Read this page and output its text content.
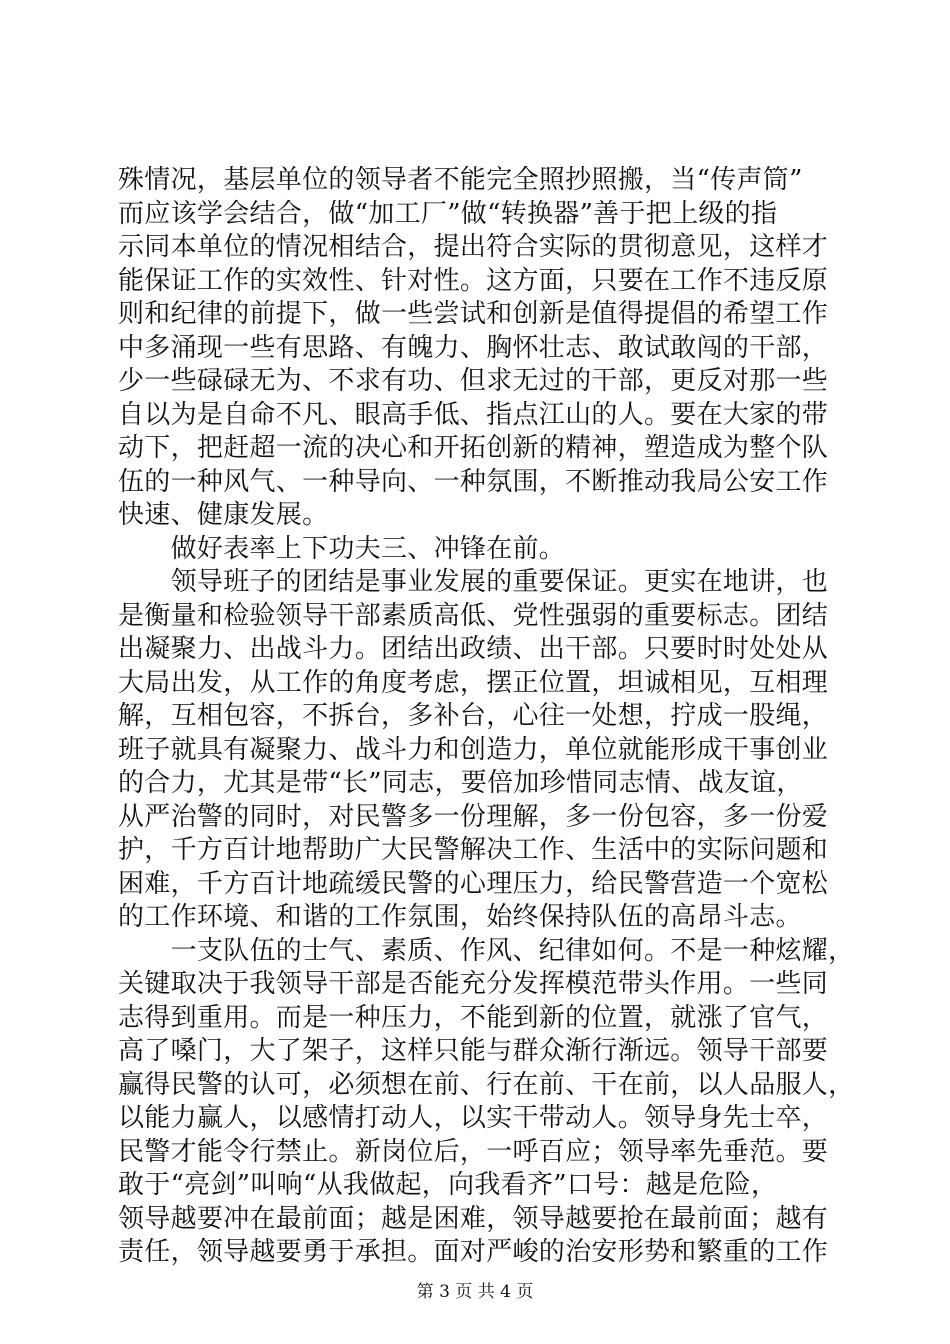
殊情况，基层单位的领导者不能完全照抄照搬，当“传声筒”
而应该学会结合，做“加工厂”做“转换器”善于把上级的指
示同本单位的情况相结合，提出符合实际的贯彻意见，这样才
能保证工作的实效性、针对性。这方面，只要在工作不违反原
则和纪律的前提下，做一些尝试和创新是值得提倡的希望工作
中多涌现一些有思路、有魄力、胸怀壮志、敢试敢闯的干部，
少一些碌碌无为、不求有功、但求无过的干部，更反对那一些
自以为是自命不凡、眼高手低、指点江山的人。要在大家的带
动下，把赶超一流的决心和开拓创新的精神，塑造成为整个队
伍的一种风气、一种导向、一种氛围，不断推动我局公安工作
快速、健康发展。
　　做好表率上下功夫三、冲锋在前。
　　领导班子的团结是事业发展的重要保证。更实在地讲，也
是衡量和检验领导干部素质高低、党性强弱的重要标志。团结
出凝聚力、出战斗力。团结出政绩、出干部。只要时时处处从
大局出发，从工作的角度考虑，摆正位置，坦诚相见，互相理
解，互相包容，不拆台，多补台，心往一处想，拧成一股绳，
班子就具有凝聚力、战斗力和创造力，单位就能形成干事创业
的合力，尤其是带“长”同志，要倍加珍惜同志情、战友谊，
从严治警的同时，对民警多一份理解，多一份包容，多一份爱
护，千方百计地帮助广大民警解决工作、生活中的实际问题和
困难，千方百计地疏缓民警的心理压力，给民警营造一个宽松
的工作环境、和谐的工作氛围，始终保持队伍的高昂斗志。
　　一支队伍的士气、素质、作风、纪律如何。不是一种炫耀，
关键取决于我领导干部是否能充分发挥模范带头作用。一些同
志得到重用。而是一种压力，不能到新的位置，就涨了官气，
高了嗓门，大了架子，这样只能与群众渐行渐远。领导干部要
赢得民警的认可，必须想在前、行在前、干在前，以人品服人，
以能力赢人，以感情打动人，以实干带动人。领导身先士卒，
民警才能令行禁止。新岗位后，一呼百应；领导率先垂范。要
敢于“亮剑”叫响“从我做起，向我看齐”口号：越是危险，
领导越要冲在最前面；越是困难，领导越要抢在最前面；越有
责任，领导越要勇于承担。面对严峻的治安形势和繁重的工作
第 3 页 共 4 页
